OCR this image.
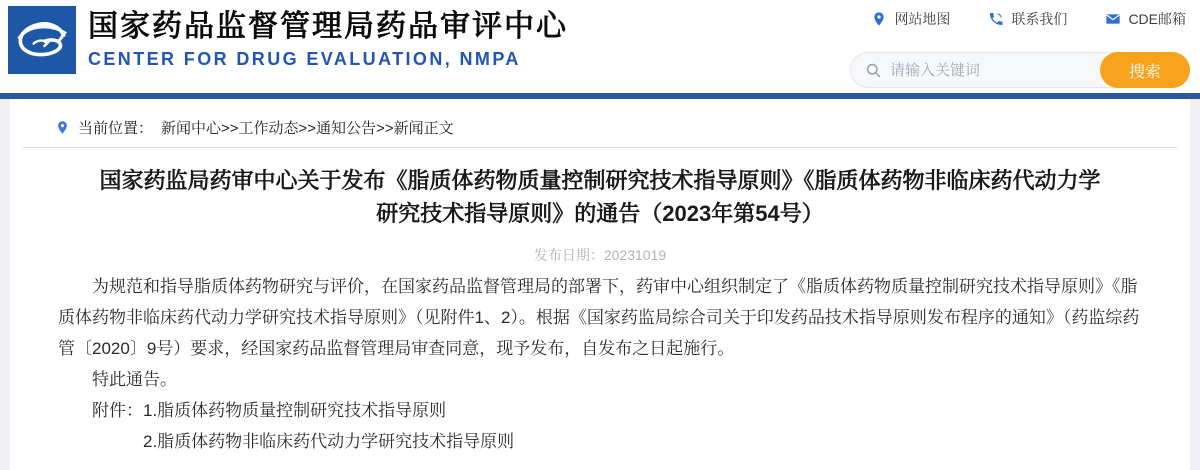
国家药品监督管理局药品审评中心
CENTER FOR DRUG EVALUATION, NMPA
网站地图	联系我们	CDE邮箱
请输入关键词
搜索
当前位置： 新闻中心>>工作动态>>通知公告>>新闻正文
国家药监局药审中心关于发布《脂质体药物质量控制研究技术指导原则》《脂质体药物非临床药代动力学研究技术指导原则》的通告（2023年第54号）
发布日期：20231019

为规范和指导脂质体药物研究与评价，在国家药品监督管理局的部署下，药审中心组织制定了《脂质体药物质量控制研究技术指导原则》《脂质体药物非临床药代动力学研究技术指导原则》（见附件1、2）。根据《国家药监局综合司关于印发药品技术指导原则发布程序的通知》（药监综药管〔2020〕9号）要求，经国家药品监督管理局审查同意，现予发布，自发布之日起施行。

特此通告。

附件： 1.脂质体药物质量控制研究技术指导原则
2.脂质体药物非临床药代动力学研究技术指导原则
